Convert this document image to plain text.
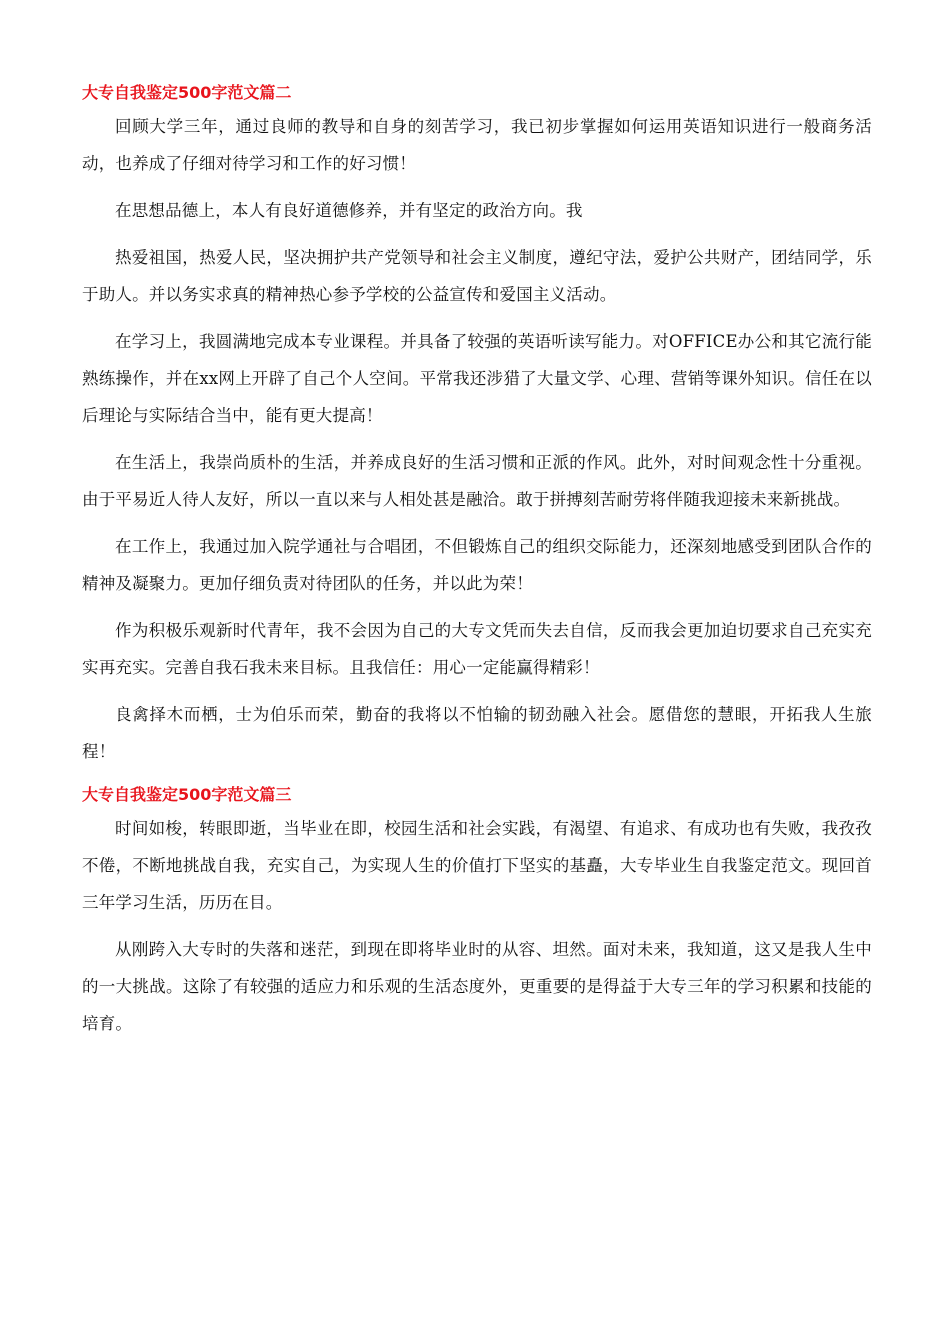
大专自我鉴定500字范文篇二

回顾大学三年，通过良师的教导和自身的刻苦学习，我已初步掌握如何运用英语知识进行一般商务活动，也养成了仔细对待学习和工作的好习惯！

在思想品德上，本人有良好道德修养，并有坚定的政治方向。我

热爱祖国，热爱人民，坚决拥护共产党领导和社会主义制度，遵纪守法，爱护公共财产，团结同学，乐于助人。并以务实求真的精神热心参予学校的公益宣传和爱国主义活动。

在学习上，我圆满地完成本专业课程。并具备了较强的英语听读写能力。对OFFICE办公和其它流行能熟练操作，并在xx网上开辟了自己个人空间。平常我还涉猎了大量文学、心理、营销等课外知识。信任在以后理论与实际结合当中，能有更大提高！

在生活上，我崇尚质朴的生活，并养成良好的生活习惯和正派的作风。此外，对时间观念性十分重视。由于平易近人待人友好，所以一直以来与人相处甚是融洽。敢于拼搏刻苦耐劳将伴随我迎接未来新挑战。

在工作上，我通过加入院学通社与合唱团，不但锻炼自己的组织交际能力，还深刻地感受到团队合作的精神及凝聚力。更加仔细负责对待团队的任务，并以此为荣！

作为积极乐观新时代青年，我不会因为自己的大专文凭而失去自信，反而我会更加迫切要求自己充实充实再充实。完善自我石我未来目标。且我信任：用心一定能赢得精彩！

良禽择木而栖，士为伯乐而荣，勤奋的我将以不怕输的韧劲融入社会。愿借您的慧眼，开拓我人生旅程！

大专自我鉴定500字范文篇三

时间如梭，转眼即逝，当毕业在即，校园生活和社会实践，有渴望、有追求、有成功也有失败，我孜孜不倦，不断地挑战自我，充实自己，为实现人生的价值打下坚实的基矗，大专毕业生自我鉴定范文。现回首三年学习生活，历历在目。

从刚跨入大专时的失落和迷茫，到现在即将毕业时的从容、坦然。面对未来，我知道，这又是我人生中的一大挑战。这除了有较强的适应力和乐观的生活态度外，更重要的是得益于大专三年的学习积累和技能的培育。
